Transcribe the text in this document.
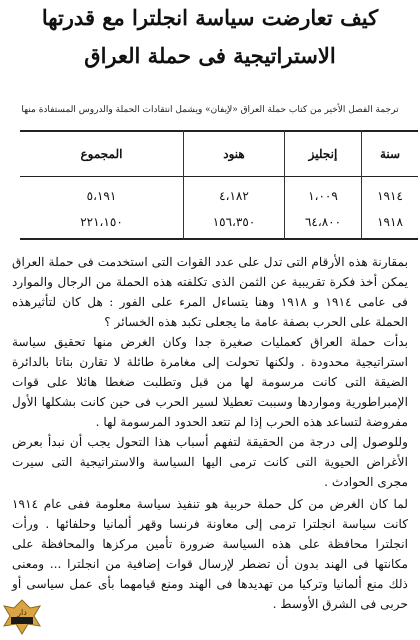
كيف تعارضت سياسة انجلترا مع قدرتها
الاستراتيجية فى حملة العراق
ترجمة الفصل الأخير من كتاب حملة العراق «لإيفان» ويشمل انتقادات الحملة والدروس المستفادة منها
سنة
إنجليز
هنود
المجموع
١٩١٤
١،٠٠٩
٤،١٨٢
٥،١٩١
١٩١٨
٦٤،٨٠٠
١٥٦،٣٥٠
٢٢١،١٥٠

بمقارنة هذه الأرقام التى تدل على عدد القوات التى استخدمت فى حملة العراق يمكن أخذ فكرة تقريبية عن الثمن الذى تكلفته هذه الحملة من الرجال والموارد فى عامى ١٩١٤ و ١٩١٨ وهنا يتساءل المرء على الفور : هل كان لتأثيرهذه الحملة على الحرب بصفة عامة ما يجعلى تكبد هذه الخسائر ؟

بدأت حملة العراق كعمليات صغيرة جدا وكان الغرض منها تحقيق سياسة استراتيجية محدودة . ولكنها تحولت إلى مغامرة طائلة لا تقارن بتاتا بالدائرة الضيقة التى كانت مرسومة لها من قبل وتطلبت ضغطا هائلا على قوات الإمبراطورية ومواردها وسببت تعطيلا لسير الحرب فى حين كانت بشكلها الأول مفروضة لتساعد هذه الحرب إذا لم تتعد الحدود المرسومة لها .

وللوصول إلى درجة من الحقيقة لتفهم أسباب هذا التحول يجب أن نبدأ بعرض الأغراض الحيوية التى كانت ترمى اليها السياسة والاستراتيجية التى سيرت مجرى الحوادث .

لما كان الغرض من كل حملة حربية هو تنفيذ سياسة معلومة ففى عام ١٩١٤ كانت سياسة انجلترا ترمى إلى معاونة فرنسا وقهر ألمانيا وحلفائها . ورأت انجلترا محافظة على هذه السياسة ضرورة تأمين مركزها والمحافظة على مكانتها فى الهند بدون أن تضطر لإرسال قوات إضافية من انجلترا ... ومعنى ذلك منع ألمانيا وتركيا من تهديدها فى الهند ومنع قيامهما بأى عمل سياسى أو حربى فى الشرق الأوسط .

دار
